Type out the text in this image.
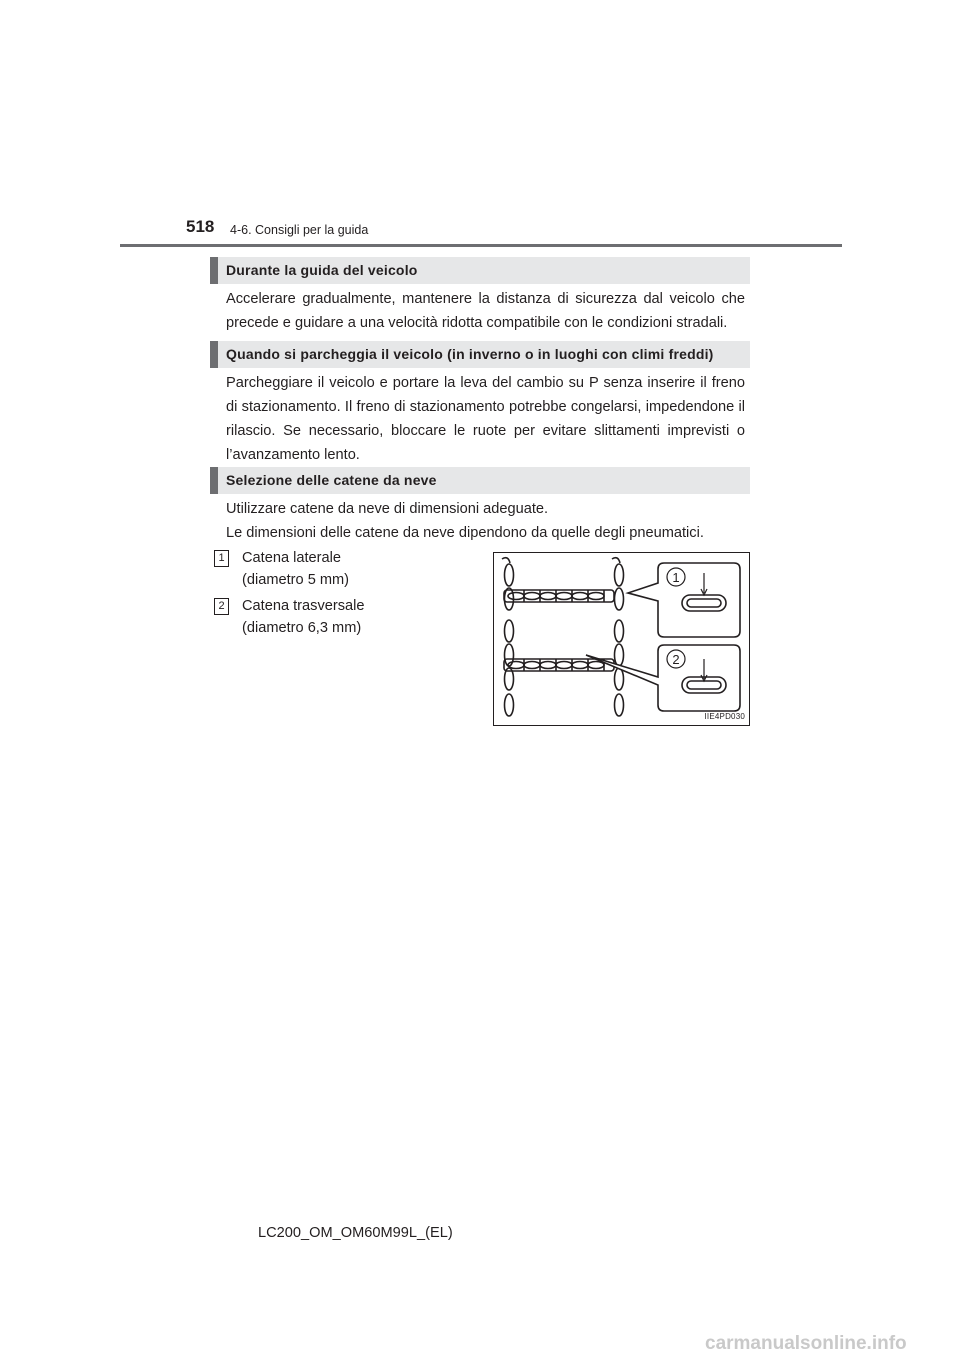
518 4-6. Consigli per la guida
Durante la guida del veicolo

Accelerare gradualmente, mantenere la distanza di sicurezza dal veicolo che precede e guidare a una velocità ridotta compatibile con le condizioni stradali.

Quando si parcheggia il veicolo (in inverno o in luoghi con climi freddi)

Parcheggiare il veicolo e portare la leva del cambio su P senza inserire il freno di stazionamento. Il freno di stazionamento potrebbe congelarsi, impedendone il rilascio. Se necessario, bloccare le ruote per evitare slittamenti imprevisti o l’avanzamento lento.

Selezione delle catene da neve
Utilizzare catene da neve di dimensioni adeguate.
Le dimensioni delle catene da neve dipendono da quelle degli pneumatici.
1	Catena laterale
(diametro 5 mm)
2	Catena trasversale
(diametro 6,3 mm)
1
2
IIE4PD030
LC200_OM_OM60M99L_(EL)
carmanualsonline.info
